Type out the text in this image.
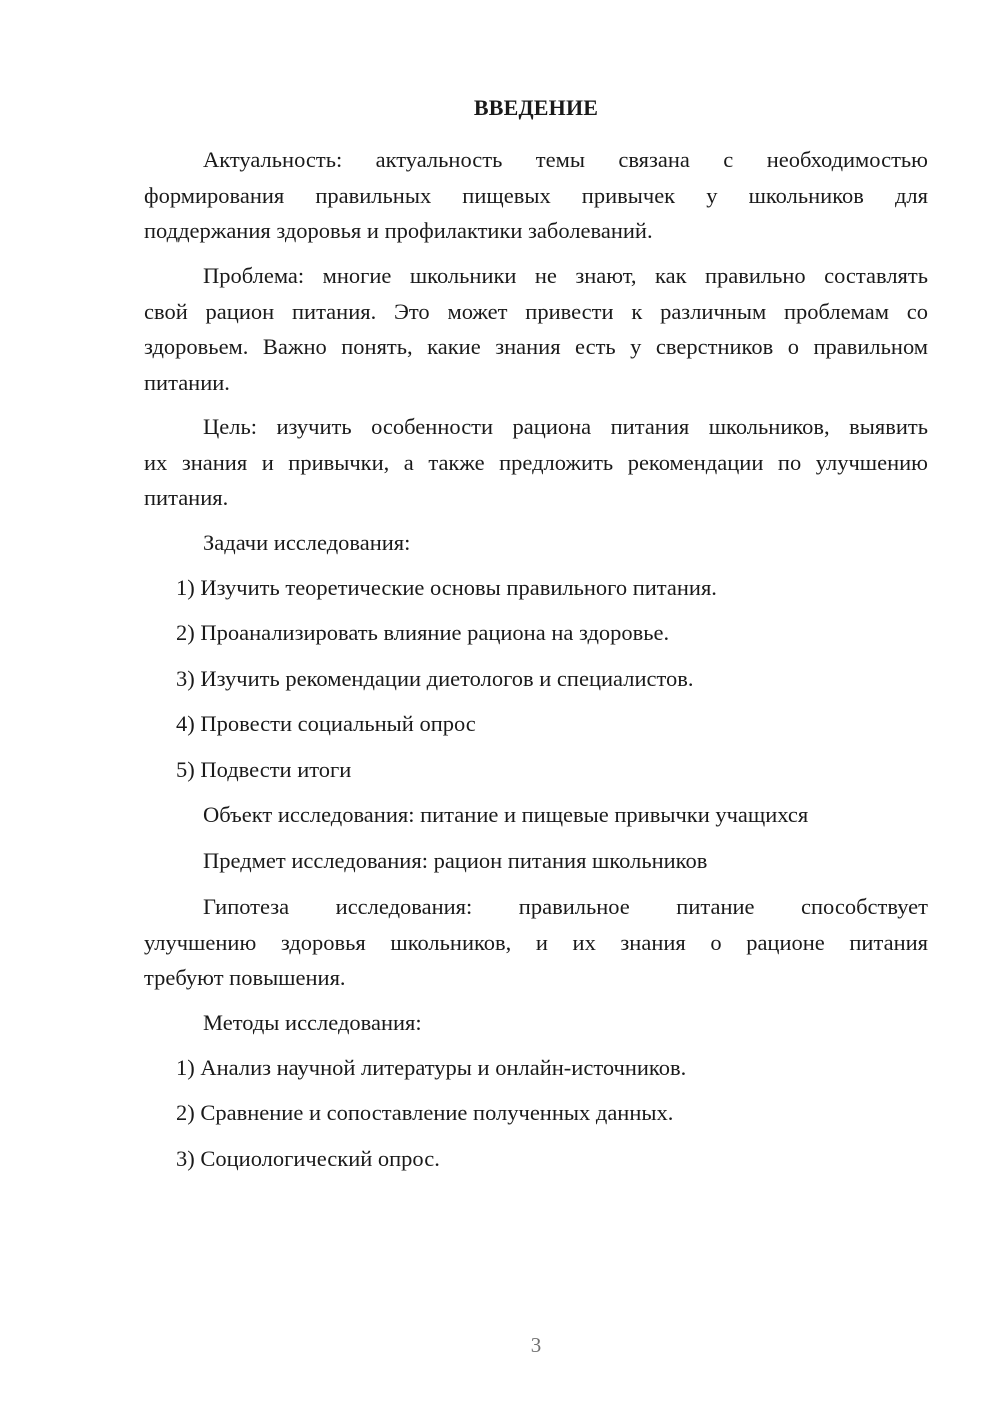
ВВЕДЕНИЕ
Актуальность: актуальность темы связана с необходимостью
формирования правильных пищевых привычек у школьников для
поддержания здоровья и профилактики заболеваний.
Проблема: многие школьники не знают, как правильно составлять
свой рацион питания. Это может привести к различным проблемам со
здоровьем. Важно понять, какие знания есть у сверстников о правильном
питании.
Цель: изучить особенности рациона питания школьников, выявить
их знания и привычки, а также предложить рекомендации по улучшению
питания.
Задачи исследования:
1) Изучить теоретические основы правильного питания.
2) Проанализировать влияние рациона на здоровье.
3) Изучить рекомендации диетологов и специалистов.
4) Провести социальный опрос
5) Подвести итоги
Объект исследования: питание и пищевые привычки учащихся
Предмет исследования: рацион питания школьников
Гипотеза исследования: правильное питание способствует
улучшению здоровья школьников, и их знания о рационе питания
требуют повышения.
Методы исследования:
1) Анализ научной литературы и онлайн-источников.
2) Сравнение и сопоставление полученных данных.
3) Социологический опрос.
3
